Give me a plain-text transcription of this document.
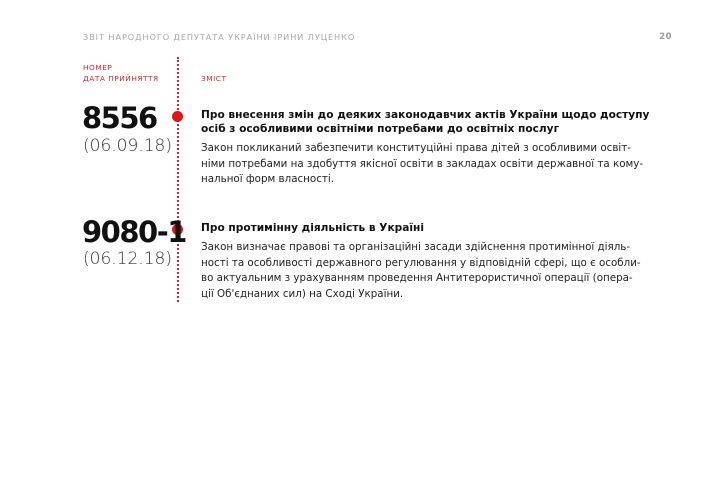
ЗВІТ НАРОДНОГО ДЕПУТАТА УКРАЇНИ ІРИНИ ЛУЦЕНКО	20
НОМЕР
ДАТА ПРИЙНЯТТЯ	ЗМІСТ
8556
(06.09.18)
Про внесення змін до деяких законодавчих актів України щодо доступу
осіб з особливими освітніми потребами до освітніх послуг
Закон покликаний забезпечити конституційні права дітей з особливими освіт-
німи потребами на здобуття якісної освіти в закладах освіти державної та кому-
нальної форм власності.
9080-1
(06.12.18)
Про протимінну діяльність в Україні
Закон визначає правові та організаційні засади здійснення протимінної діяль-
ності та особливості державного регулювання у відповідній сфері, що є особли-
во актуальним з урахуванням проведення Антитерористичної операції (опера-
ції Об'єднаних сил) на Сході України.
